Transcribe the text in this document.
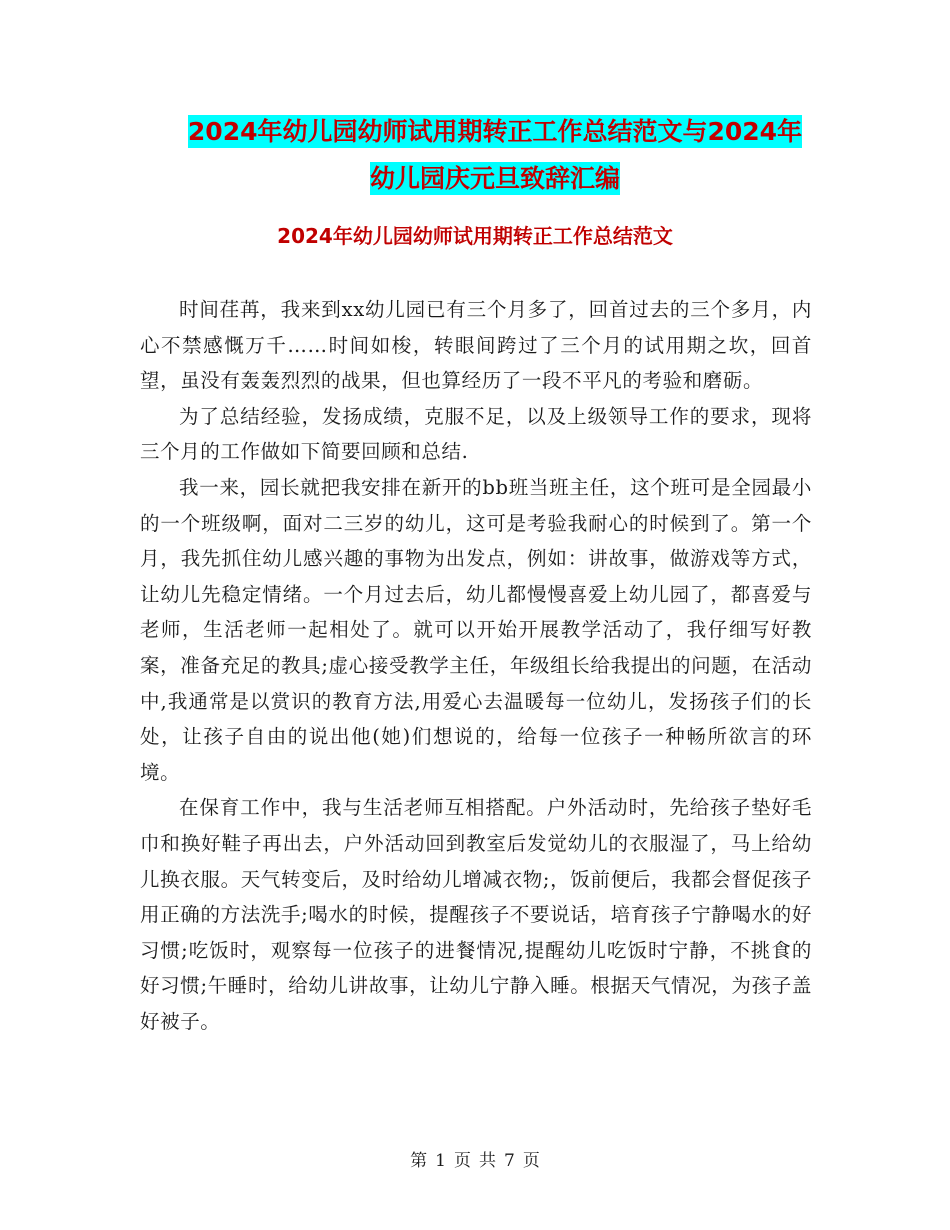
2024年幼儿园幼师试用期转正工作总结范文与2024年
幼儿园庆元旦致辞汇编
2024年幼儿园幼师试用期转正工作总结范文

时间荏苒，我来到xx幼儿园已有三个月多了，回首过去的三个多月，内心不禁感慨万千……时间如梭，转眼间跨过了三个月的试用期之坎，回首望，虽没有轰轰烈烈的战果，但也算经历了一段不平凡的考验和磨砺。

为了总结经验，发扬成绩，克服不足，以及上级领导工作的要求，现将三个月的工作做如下简要回顾和总结.

我一来，园长就把我安排在新开的bb班当班主任，这个班可是全园最小的一个班级啊，面对二三岁的幼儿，这可是考验我耐心的时候到了。第一个月，我先抓住幼儿感兴趣的事物为出发点，例如：讲故事，做游戏等方式，让幼儿先稳定情绪。一个月过去后，幼儿都慢慢喜爱上幼儿园了，都喜爱与老师，生活老师一起相处了。就可以开始开展教学活动了，我仔细写好教案，准备充足的教具;虚心接受教学主任，年级组长给我提出的问题，在活动中,我通常是以赏识的教育方法,用爱心去温暖每一位幼儿，发扬孩子们的长处，让孩子自由的说出他(她)们想说的，给每一位孩子一种畅所欲言的环境。

在保育工作中，我与生活老师互相搭配。户外活动时，先给孩子垫好毛巾和换好鞋子再出去，户外活动回到教室后发觉幼儿的衣服湿了，马上给幼儿换衣服。天气转变后，及时给幼儿增减衣物;，饭前便后，我都会督促孩子用正确的方法洗手;喝水的时候，提醒孩子不要说话，培育孩子宁静喝水的好习惯;吃饭时，观察每一位孩子的进餐情况,提醒幼儿吃饭时宁静，不挑食的好习惯;午睡时，给幼儿讲故事，让幼儿宁静入睡。根据天气情况，为孩子盖好被子。

第 1 页 共 7 页
